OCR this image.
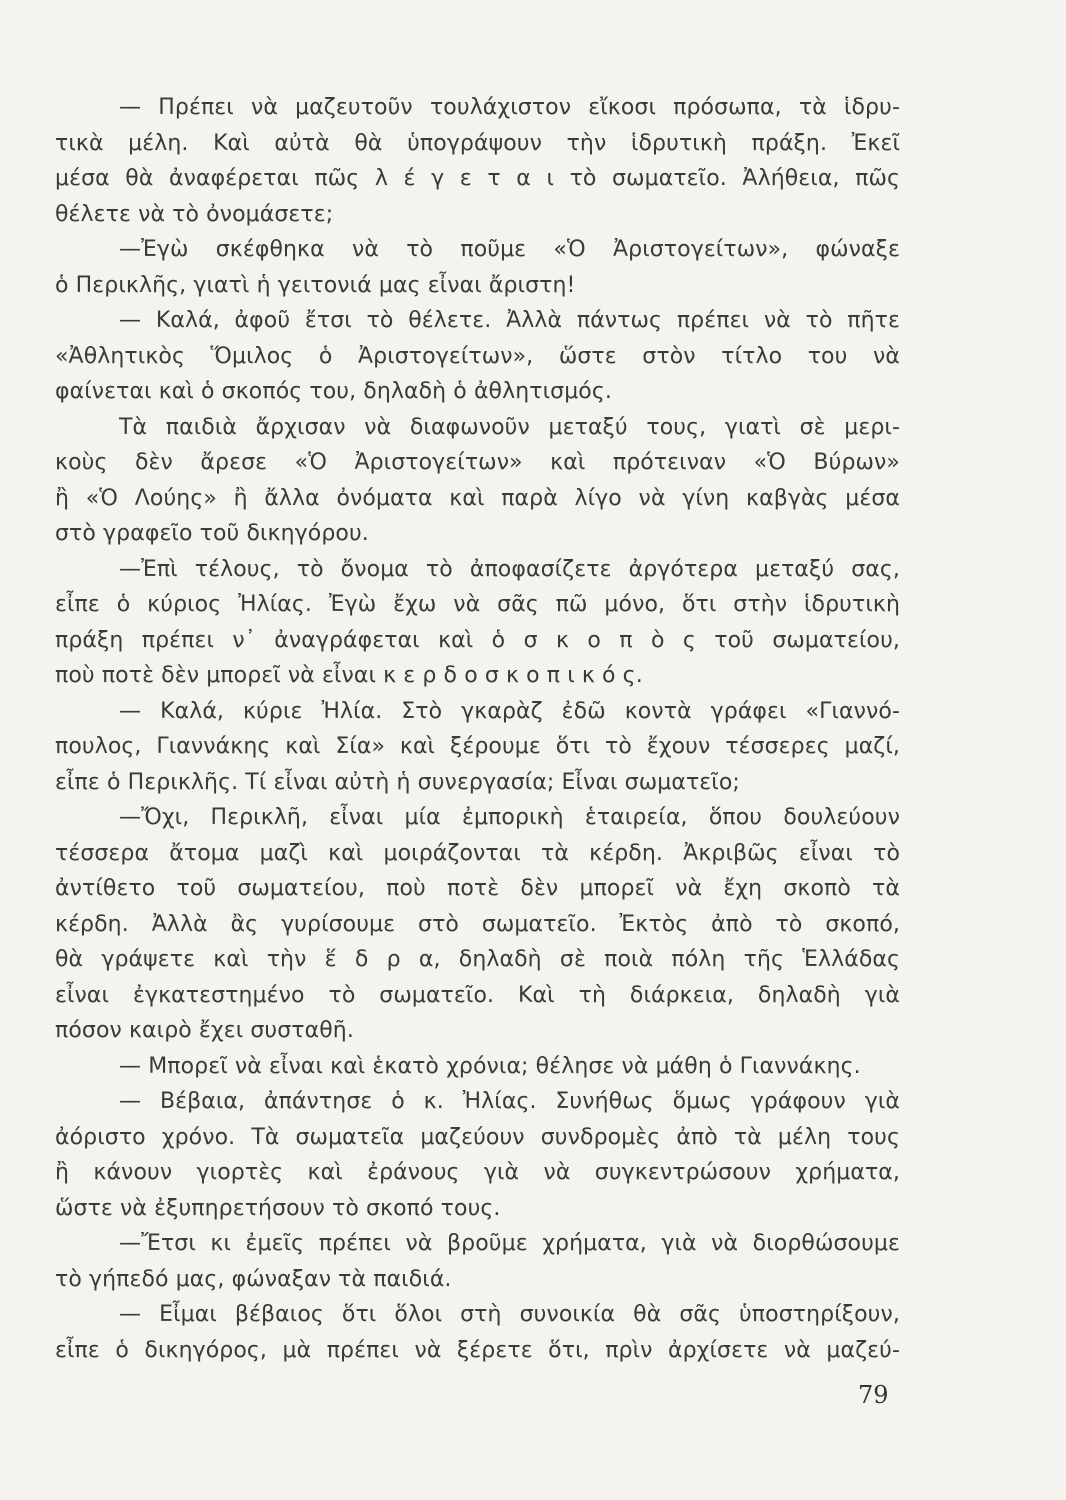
— Πρέπει νὰ μαζευτοῦν τουλάχιστον εἴκοσι πρόσωπα, τὰ ἱδρυ-
τικὰ μέλη. Καὶ αὐτὰ θὰ ὑπογράψουν τὴν ἱδρυτικὴ πράξη. Ἐκεῖ
μέσα θὰ ἀναφέρεται πῶς λ έ γ ε τ α ι τὸ σωματεῖο. Ἀλήθεια, πῶς
θέλετε νὰ τὸ ὀνομάσετε;
—Ἐγὼ σκέφθηκα νὰ τὸ ποῦμε «Ὁ Ἀριστογείτων», φώναξε
ὁ Περικλῆς, γιατὶ ἡ γειτονιά μας εἶναι ἄριστη!
— Καλά, ἀφοῦ ἔτσι τὸ θέλετε. Ἀλλὰ πάντως πρέπει νὰ τὸ πῆτε
«Ἀθλητικὸς Ὅμιλος ὁ Ἀριστογείτων», ὥστε στὸν τίτλο του νὰ
φαίνεται καὶ ὁ σκοπός του, δηλαδὴ ὁ ἀθλητισμός.
Τὰ παιδιὰ ἄρχισαν νὰ διαφωνοῦν μεταξύ τους, γιατὶ σὲ μερι-
κοὺς δὲν ἄρεσε «Ὁ Ἀριστογείτων» καὶ πρότειναν «Ὁ Βύρων»
ἢ «Ὁ Λούης» ἢ ἄλλα ὀνόματα καὶ παρὰ λίγο νὰ γίνη καβγὰς μέσα
στὸ γραφεῖο τοῦ δικηγόρου.
—Ἐπὶ τέλους, τὸ ὄνομα τὸ ἀποφασίζετε ἀργότερα μεταξύ σας,
εἶπε ὁ κύριος Ἠλίας. Ἐγὼ ἔχω νὰ σᾶς πῶ μόνο, ὅτι στὴν ἱδρυτικὴ
πράξη πρέπει ν᾽ ἀναγράφεται καὶ ὁ σ κ ο π ὸ ς τοῦ σωματείου,
ποὺ ποτὲ δὲν μπορεῖ νὰ εἶναι κ ε ρ δ ο σ κ ο π ι κ ό ς.
— Καλά, κύριε Ἠλία. Στὸ γκαρὰζ ἐδῶ κοντὰ γράφει «Γιαννό-
πουλος, Γιαννάκης καὶ Σία» καὶ ξέρουμε ὅτι τὸ ἔχουν τέσσερες μαζί,
εἶπε ὁ Περικλῆς. Τί εἶναι αὐτὴ ἡ συνεργασία; Εἶναι σωματεῖο;
—Ὄχι, Περικλῆ, εἶναι μία ἐμπορικὴ ἑταιρεία, ὅπου δουλεύουν
τέσσερα ἄτομα μαζὶ καὶ μοιράζονται τὰ κέρδη. Ἀκριβῶς εἶναι τὸ
ἀντίθετο τοῦ σωματείου, ποὺ ποτὲ δὲν μπορεῖ νὰ ἔχη σκοπὸ τὰ
κέρδη. Ἀλλὰ ἂς γυρίσουμε στὸ σωματεῖο. Ἐκτὸς ἀπὸ τὸ σκοπό,
θὰ γράψετε καὶ τὴν ἕ δ ρ α, δηλαδὴ σὲ ποιὰ πόλη τῆς Ἑλλάδας
εἶναι ἐγκατεστημένο τὸ σωματεῖο. Καὶ τὴ διάρκεια, δηλαδὴ γιὰ
πόσον καιρὸ ἔχει συσταθῆ.
— Μπορεῖ νὰ εἶναι καὶ ἑκατὸ χρόνια; θέλησε νὰ μάθη ὁ Γιαννάκης.
— Βέβαια, ἀπάντησε ὁ κ. Ἠλίας. Συνήθως ὅμως γράφουν γιὰ
ἀόριστο χρόνο. Τὰ σωματεῖα μαζεύουν συνδρομὲς ἀπὸ τὰ μέλη τους
ἢ κάνουν γιορτὲς καὶ ἐράνους γιὰ νὰ συγκεντρώσουν χρήματα,
ὥστε νὰ ἐξυπηρετήσουν τὸ σκοπό τους.
—Ἔτσι κι ἐμεῖς πρέπει νὰ βροῦμε χρήματα, γιὰ νὰ διορθώσουμε
τὸ γήπεδό μας, φώναξαν τὰ παιδιά.
— Εἶμαι βέβαιος ὅτι ὅλοι στὴ συνοικία θὰ σᾶς ὑποστηρίξουν,
εἶπε ὁ δικηγόρος, μὰ πρέπει νὰ ξέρετε ὅτι, πρὶν ἀρχίσετε νὰ μαζεύ-
79
